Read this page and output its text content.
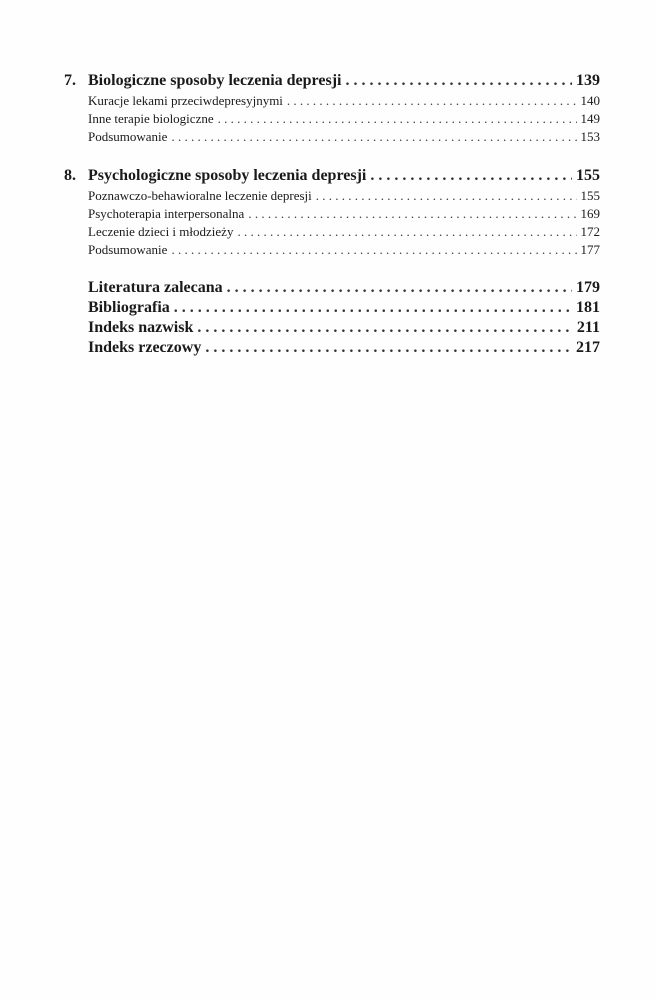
7. Biologiczne sposoby leczenia depresji . . .	139
Kuracje lekami przeciwdepresyjnymi . . .	140
Inne terapie biologiczne . . .	149
Podsumowanie . . .	153
8. Psychologiczne sposoby leczenia depresji . . .	155
Poznawczo-behawioralne leczenie depresji . . .	155
Psychoterapia interpersonalna . . .	169
Leczenie dzieci i młodzieży . . .	172
Podsumowanie . . .	177
Literatura zalecana . . .	179
Bibliografia . . .	181
Indeks nazwisk . . .	211
Indeks rzeczowy . . .	217
